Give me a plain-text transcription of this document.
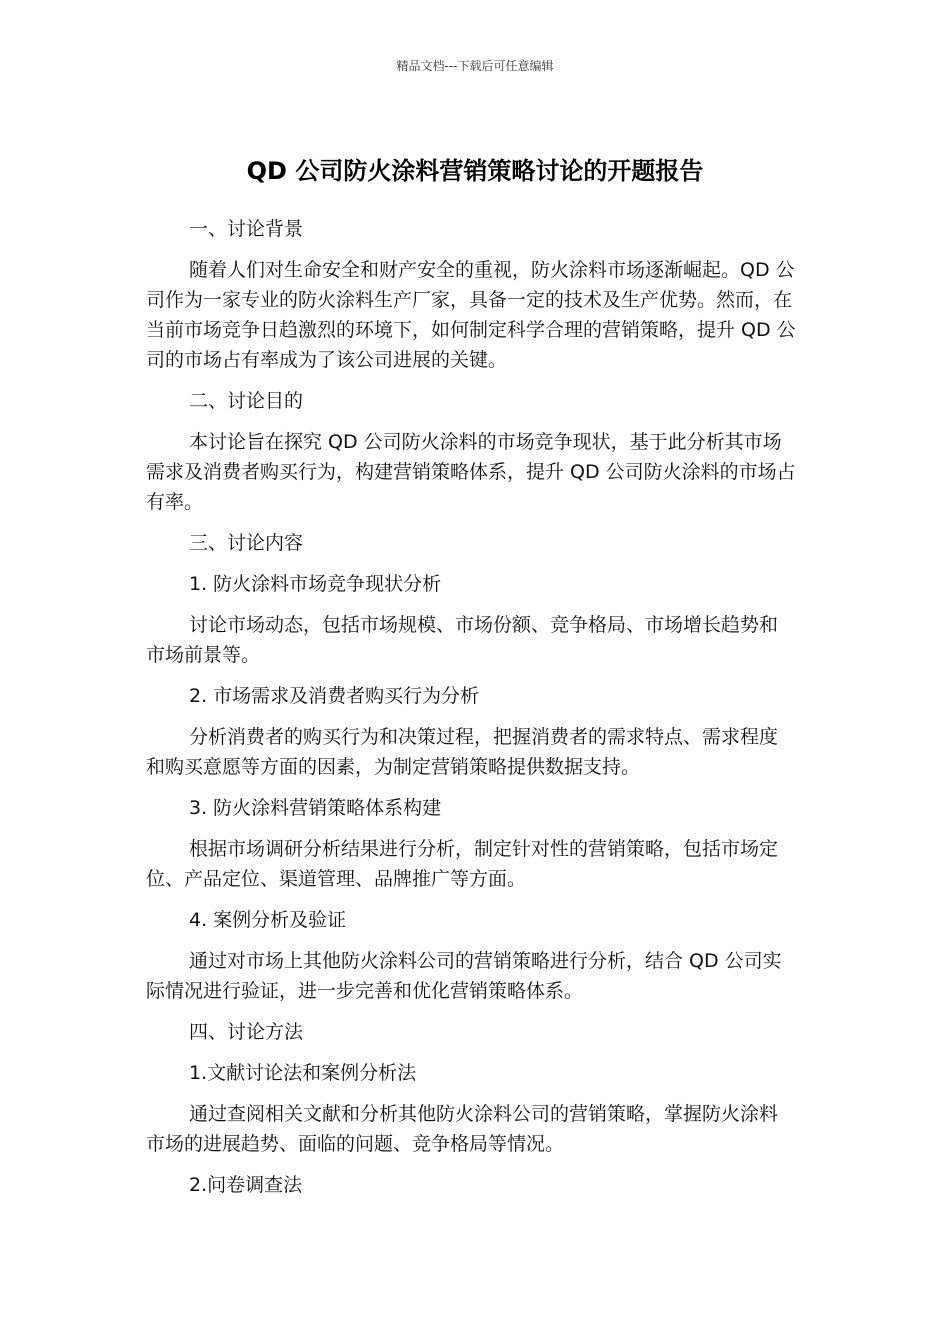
精品文档---下载后可任意编辑
QD 公司防火涂料营销策略讨论的开题报告

一、讨论背景

随着人们对生命安全和财产安全的重视，防火涂料市场逐渐崛起。QD 公司作为一家专业的防火涂料生产厂家，具备一定的技术及生产优势。然而，在当前市场竞争日趋激烈的环境下，如何制定科学合理的营销策略，提升 QD 公司的市场占有率成为了该公司进展的关键。

二、讨论目的

本讨论旨在探究 QD 公司防火涂料的市场竞争现状，基于此分析其市场需求及消费者购买行为，构建营销策略体系，提升 QD 公司防火涂料的市场占有率。

三、讨论内容

1. 防火涂料市场竞争现状分析

讨论市场动态，包括市场规模、市场份额、竞争格局、市场增长趋势和市场前景等。

2. 市场需求及消费者购买行为分析

分析消费者的购买行为和决策过程，把握消费者的需求特点、需求程度和购买意愿等方面的因素，为制定营销策略提供数据支持。

3. 防火涂料营销策略体系构建

根据市场调研分析结果进行分析，制定针对性的营销策略，包括市场定位、产品定位、渠道管理、品牌推广等方面。

4. 案例分析及验证

通过对市场上其他防火涂料公司的营销策略进行分析，结合 QD 公司实际情况进行验证，进一步完善和优化营销策略体系。

四、讨论方法

1.文献讨论法和案例分析法

通过查阅相关文献和分析其他防火涂料公司的营销策略，掌握防火涂料市场的进展趋势、面临的问题、竞争格局等情况。

2.问卷调查法
